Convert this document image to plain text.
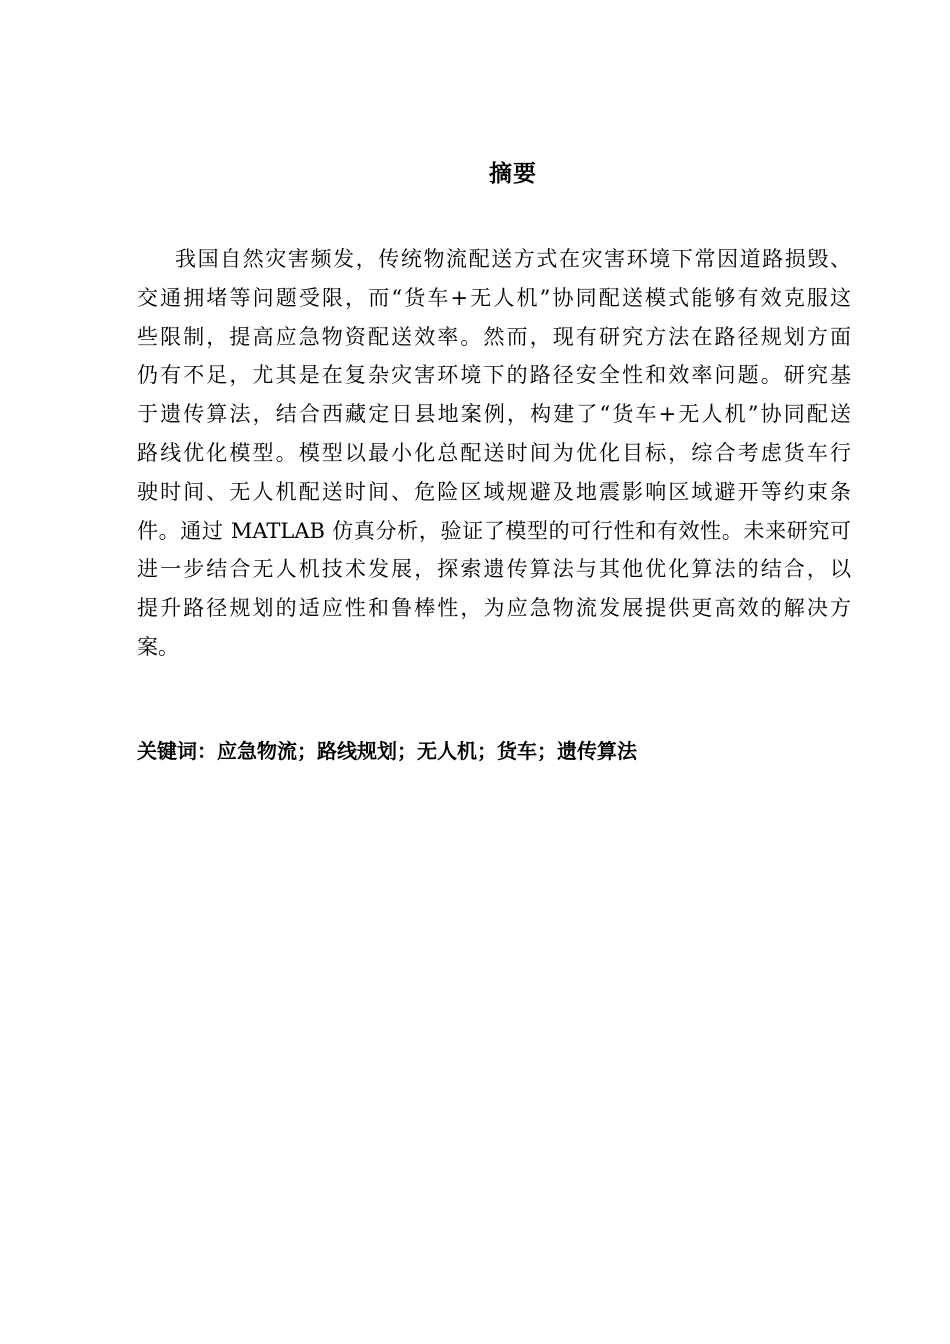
摘要
我国自然灾害频发，传统物流配送方式在灾害环境下常因道路损毁、
交通拥堵等问题受限，而“货车+无人机”协同配送模式能够有效克服这
些限制，提高应急物资配送效率。然而，现有研究方法在路径规划方面
仍有不足，尤其是在复杂灾害环境下的路径安全性和效率问题。研究基
于遗传算法，结合西藏定日县地案例，构建了“货车+无人机”协同配送
路线优化模型。模型以最小化总配送时间为优化目标，综合考虑货车行
驶时间、无人机配送时间、危险区域规避及地震影响区域避开等约束条
件。通过 MATLAB 仿真分析，验证了模型的可行性和有效性。未来研究可
进一步结合无人机技术发展，探索遗传算法与其他优化算法的结合，以
提升路径规划的适应性和鲁棒性，为应急物流发展提供更高效的解决方
案。
关键词：应急物流；路线规划；无人机；货车；遗传算法
